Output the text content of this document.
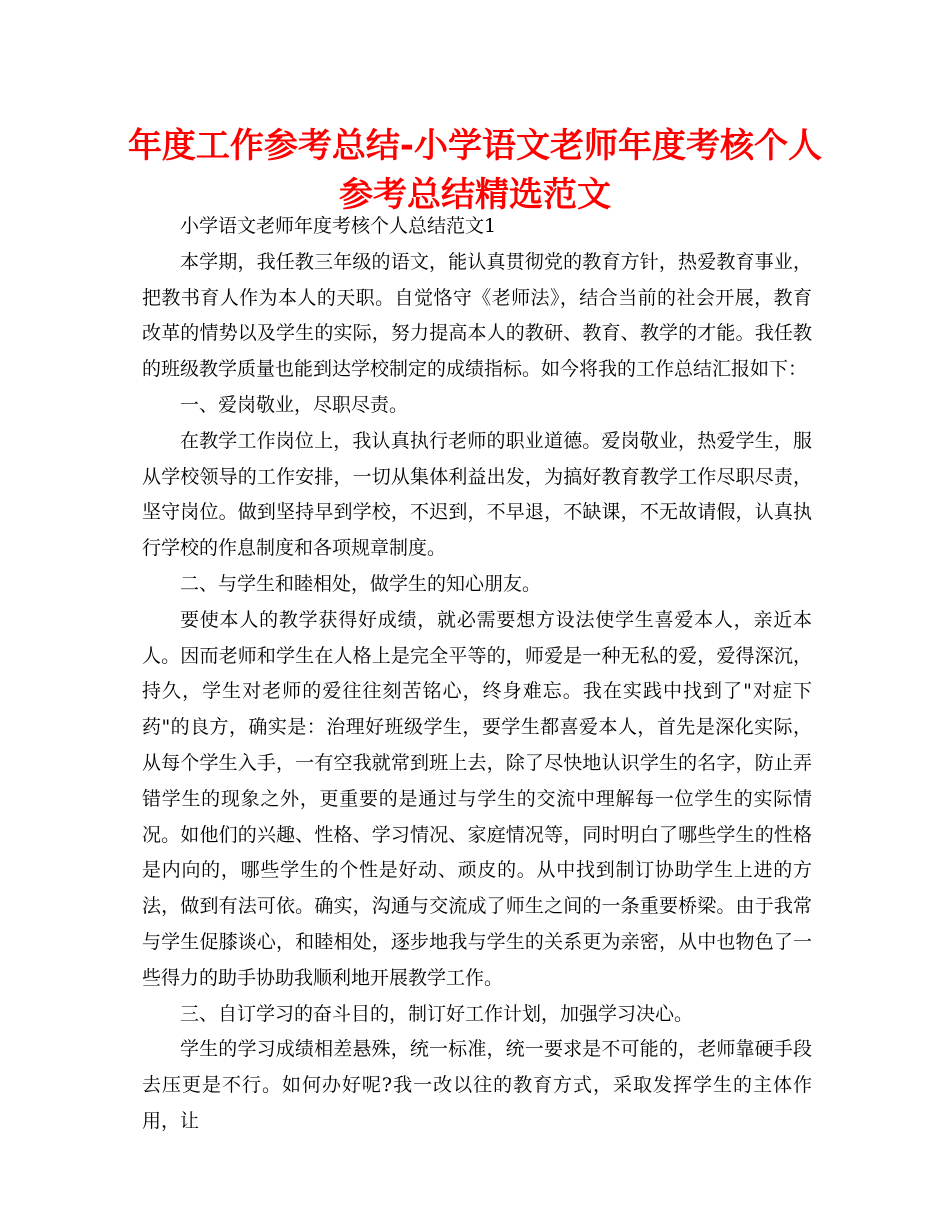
年度工作参考总结-小学语文老师年度考核个人参考总结精选范文

小学语文老师年度考核个人总结范文1

本学期，我任教三年级的语文，能认真贯彻党的教育方针，热爱教育事业，把教书育人作为本人的天职。自觉恪守《老师法》，结合当前的社会开展，教育改革的情势以及学生的实际，努力提高本人的教研、教育、教学的才能。我任教的班级教学质量也能到达学校制定的成绩指标。如今将我的工作总结汇报如下：

一、爱岗敬业，尽职尽责。

在教学工作岗位上，我认真执行老师的职业道德。爱岗敬业，热爱学生，服从学校领导的工作安排，一切从集体利益出发，为搞好教育教学工作尽职尽责，坚守岗位。做到坚持早到学校，不迟到，不早退，不缺课，不无故请假，认真执行学校的作息制度和各项规章制度。

二、与学生和睦相处，做学生的知心朋友。

要使本人的教学获得好成绩，就必需要想方设法使学生喜爱本人，亲近本人。因而老师和学生在人格上是完全平等的，师爱是一种无私的爱，爱得深沉，持久，学生对老师的爱往往刻苦铭心，终身难忘。我在实践中找到了"对症下药"的良方，确实是：治理好班级学生，要学生都喜爱本人，首先是深化实际，从每个学生入手，一有空我就常到班上去，除了尽快地认识学生的名字，防止弄错学生的现象之外，更重要的是通过与学生的交流中理解每一位学生的实际情况。如他们的兴趣、性格、学习情况、家庭情况等，同时明白了哪些学生的性格是内向的，哪些学生的个性是好动、顽皮的。从中找到制订协助学生上进的方法，做到有法可依。确实，沟通与交流成了师生之间的一条重要桥梁。由于我常与学生促膝谈心，和睦相处，逐步地我与学生的关系更为亲密，从中也物色了一些得力的助手协助我顺利地开展教学工作。

三、自订学习的奋斗目的，制订好工作计划，加强学习决心。

学生的学习成绩相差悬殊，统一标准，统一要求是不可能的，老师靠硬手段去压更是不行。如何办好呢?我一改以往的教育方式，采取发挥学生的主体作用，让
